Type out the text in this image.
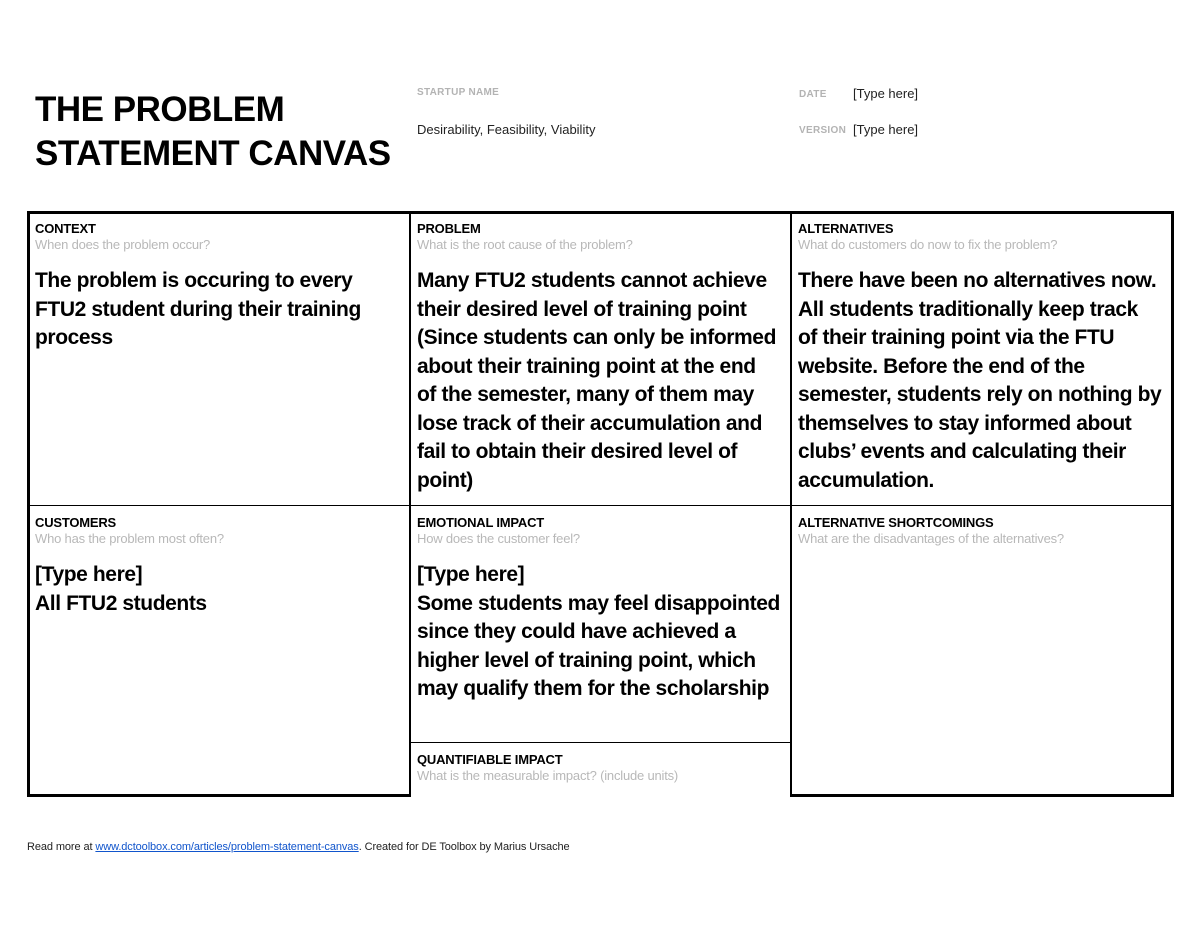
THE PROBLEM
STATEMENT CANVAS
STARTUP NAME
Desirability, Feasibility, Viability
DATE [Type here]
VERSION [Type here]
CONTEXT
When does the problem occur?
The problem is occuring to every
FTU2 student during their training
process
PROBLEM
What is the root cause of the problem?
Many FTU2 students cannot achieve
their desired level of training point
(Since students can only be informed
about their training point at the end
of the semester, many of them may
lose track of their accumulation and
fail to obtain their desired level of
point)
ALTERNATIVES
What do customers do now to fix the problem?
There have been no alternatives now.
All students traditionally keep track
of their training point via the FTU
website. Before the end of the
semester, students rely on nothing by
themselves to stay informed about
clubs’ events and calculating their
accumulation.
CUSTOMERS
Who has the problem most often?
[Type here]
All FTU2 students
EMOTIONAL IMPACT
How does the customer feel?
[Type here]
Some students may feel disappointed
since they could have achieved a
higher level of training point, which
may qualify them for the scholarship
QUANTIFIABLE IMPACT
What is the measurable impact? (include units)
ALTERNATIVE SHORTCOMINGS
What are the disadvantages of the alternatives?
Read more at www.dctoolbox.com/articles/problem-statement-canvas. Created for DE Toolbox by Marius Ursache
